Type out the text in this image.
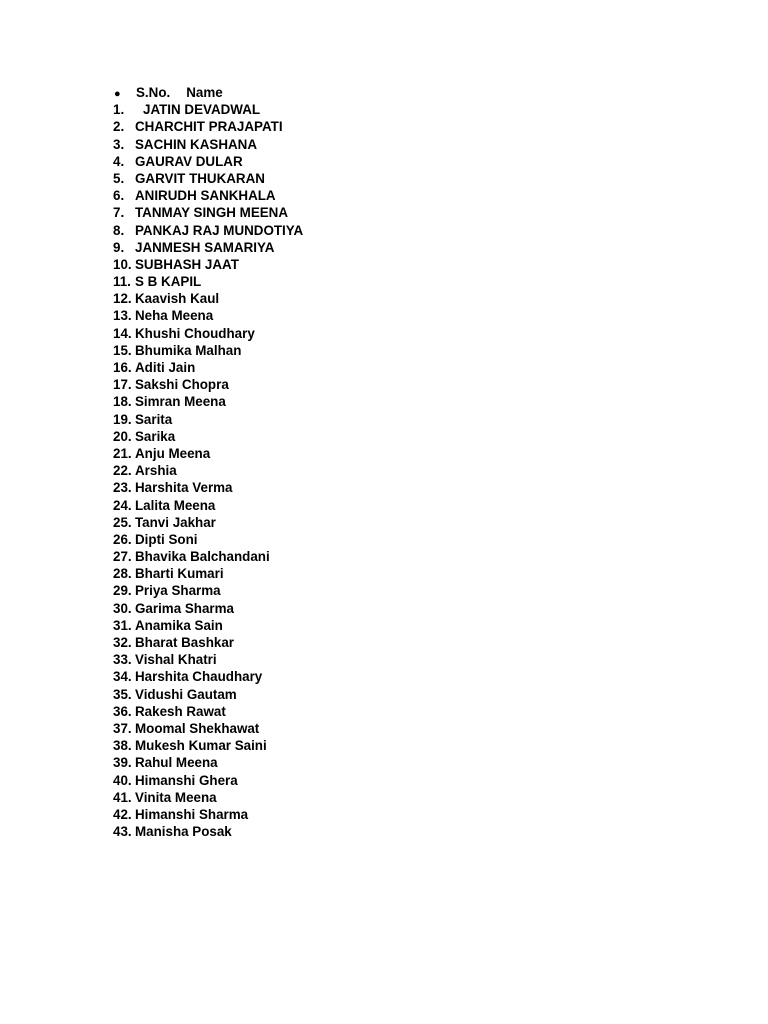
●	S.No. Name
1.	JATIN DEVADWAL
2. CHARCHIT PRAJAPATI
3. SACHIN KASHANA
4. GAURAV DULAR
5. GARVIT THUKARAN
6. ANIRUDH SANKHALA
7. TANMAY SINGH MEENA
8. PANKAJ RAJ MUNDOTIYA
9. JANMESH SAMARIYA
10. SUBHASH JAAT
11. S B KAPIL
12. Kaavish Kaul
13. Neha Meena
14. Khushi Choudhary
15. Bhumika Malhan
16. Aditi Jain
17. Sakshi Chopra
18. Simran Meena
19. Sarita
20. Sarika
21. Anju Meena
22. Arshia
23. Harshita Verma
24. Lalita Meena
25. Tanvi Jakhar
26. Dipti Soni
27. Bhavika Balchandani
28. Bharti Kumari
29. Priya Sharma
30. Garima Sharma
31. Anamika Sain
32. Bharat Bashkar
33. Vishal Khatri
34. Harshita Chaudhary
35. Vidushi Gautam
36. Rakesh Rawat
37. Moomal Shekhawat
38. Mukesh Kumar Saini
39. Rahul Meena
40. Himanshi Ghera
41. Vinita Meena
42. Himanshi Sharma
43. Manisha Posak
